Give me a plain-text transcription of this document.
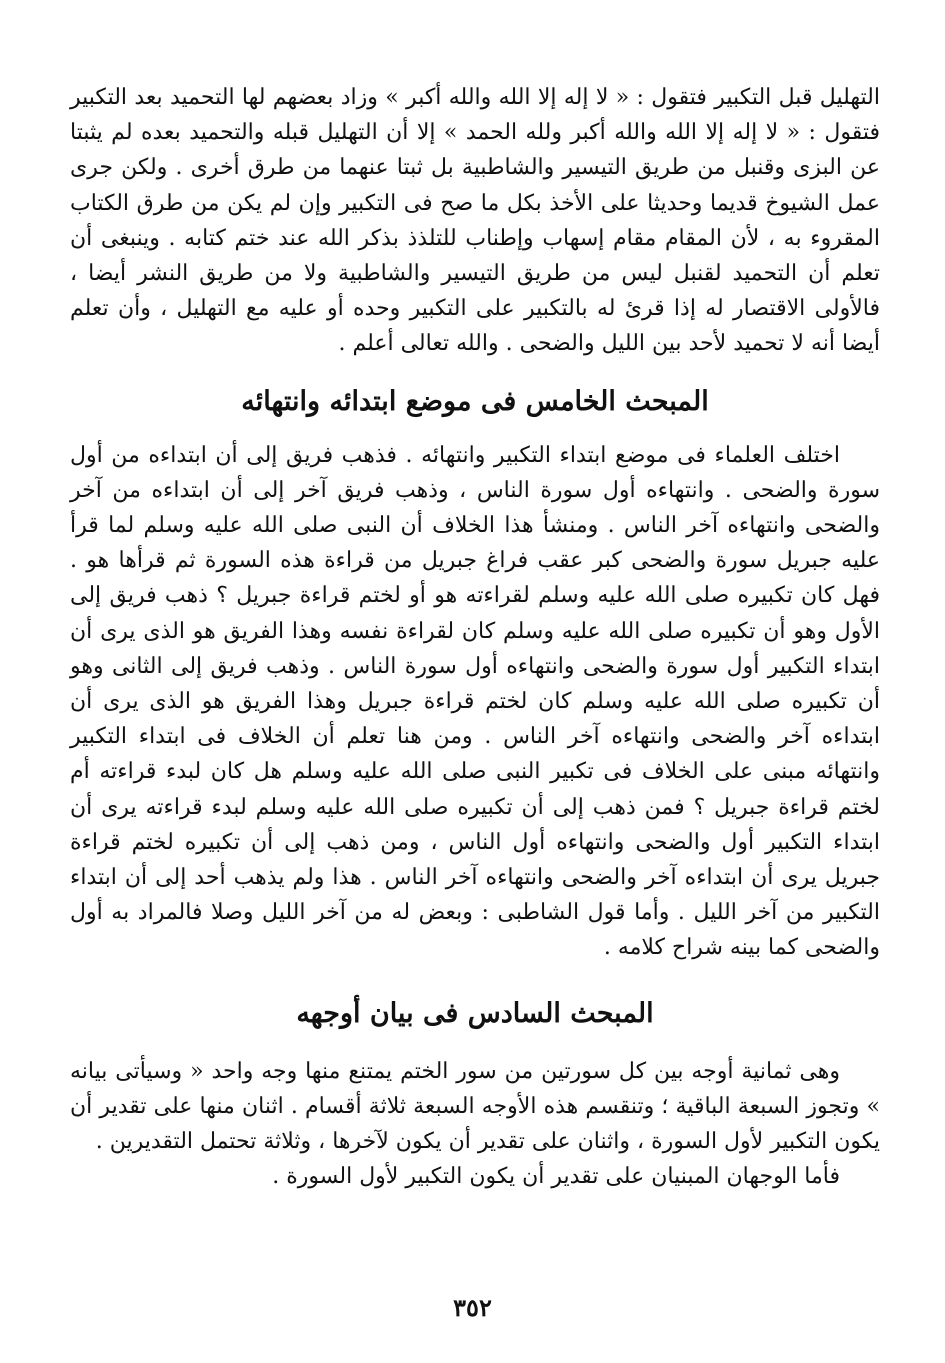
التهليل قبل التكبير فتقول : « لا إله إلا الله والله أكبر » وزاد بعضهم لها التحميد بعد التكبير فتقول : « لا إله إلا الله والله أكبر ولله الحمد » إلا أن التهليل قبله والتحميد بعده لم يثبتا عن البزى وقنبل من طريق التيسير والشاطبية بل ثبتا عنهما من طرق أخرى . ولكن جرى عمل الشيوخ قديما وحديثا على الأخذ بكل ما صح فى التكبير وإن لم يكن من طرق الكتاب المقروء به ، لأن المقام مقام إسهاب وإطناب للتلذذ بذكر الله عند ختم كتابه . وينبغى أن تعلم أن التحميد لقنبل ليس من طريق التيسير والشاطبية ولا من طريق النشر أيضا ، فالأولى الاقتصار له إذا قرئ له بالتكبير على التكبير وحده أو عليه مع التهليل ، وأن تعلم أيضا أنه لا تحميد لأحد بين الليل والضحى . والله تعالى أعلم .

المبحث الخامس فى موضع ابتدائه وانتهائه

اختلف العلماء فى موضع ابتداء التكبير وانتهائه . فذهب فريق إلى أن ابتداءه من أول سورة والضحى . وانتهاءه أول سورة الناس ، وذهب فريق آخر إلى أن ابتداءه من آخر والضحى وانتهاءه آخر الناس . ومنشأ هذا الخلاف أن النبى صلى الله عليه وسلم لما قرأ عليه جبريل سورة والضحى كبر عقب فراغ جبريل من قراءة هذه السورة ثم قرأها هو . فهل كان تكبيره صلى الله عليه وسلم لقراءته هو أو لختم قراءة جبريل ؟ ذهب فريق إلى الأول وهو أن تكبيره صلى الله عليه وسلم كان لقراءة نفسه وهذا الفريق هو الذى يرى أن ابتداء التكبير أول سورة والضحى وانتهاءه أول سورة الناس . وذهب فريق إلى الثانى وهو أن تكبيره صلى الله عليه وسلم كان لختم قراءة جبريل وهذا الفريق هو الذى يرى أن ابتداءه آخر والضحى وانتهاءه آخر الناس . ومن هنا تعلم أن الخلاف فى ابتداء التكبير وانتهائه مبنى على الخلاف فى تكبير النبى صلى الله عليه وسلم هل كان لبدء قراءته أم لختم قراءة جبريل ؟ فمن ذهب إلى أن تكبيره صلى الله عليه وسلم لبدء قراءته يرى أن ابتداء التكبير أول والضحى وانتهاءه أول الناس ، ومن ذهب إلى أن تكبيره لختم قراءة جبريل يرى أن ابتداءه آخر والضحى وانتهاءه آخر الناس . هذا ولم يذهب أحد إلى أن ابتداء التكبير من آخر الليل . وأما قول الشاطبى : وبعض له من آخر الليل وصلا فالمراد به أول والضحى كما بينه شراح كلامه .

المبحث السادس فى بيان أوجهه

وهى ثمانية أوجه بين كل سورتين من سور الختم يمتنع منها وجه واحد « وسيأتى بيانه » وتجوز السبعة الباقية ؛ وتنقسم هذه الأوجه السبعة ثلاثة أقسام . اثنان منها على تقدير أن يكون التكبير لأول السورة ، واثنان على تقدير أن يكون لآخرها ، وثلاثة تحتمل التقديرين .

فأما الوجهان المبنيان على تقدير أن يكون التكبير لأول السورة .

٣٥٢
